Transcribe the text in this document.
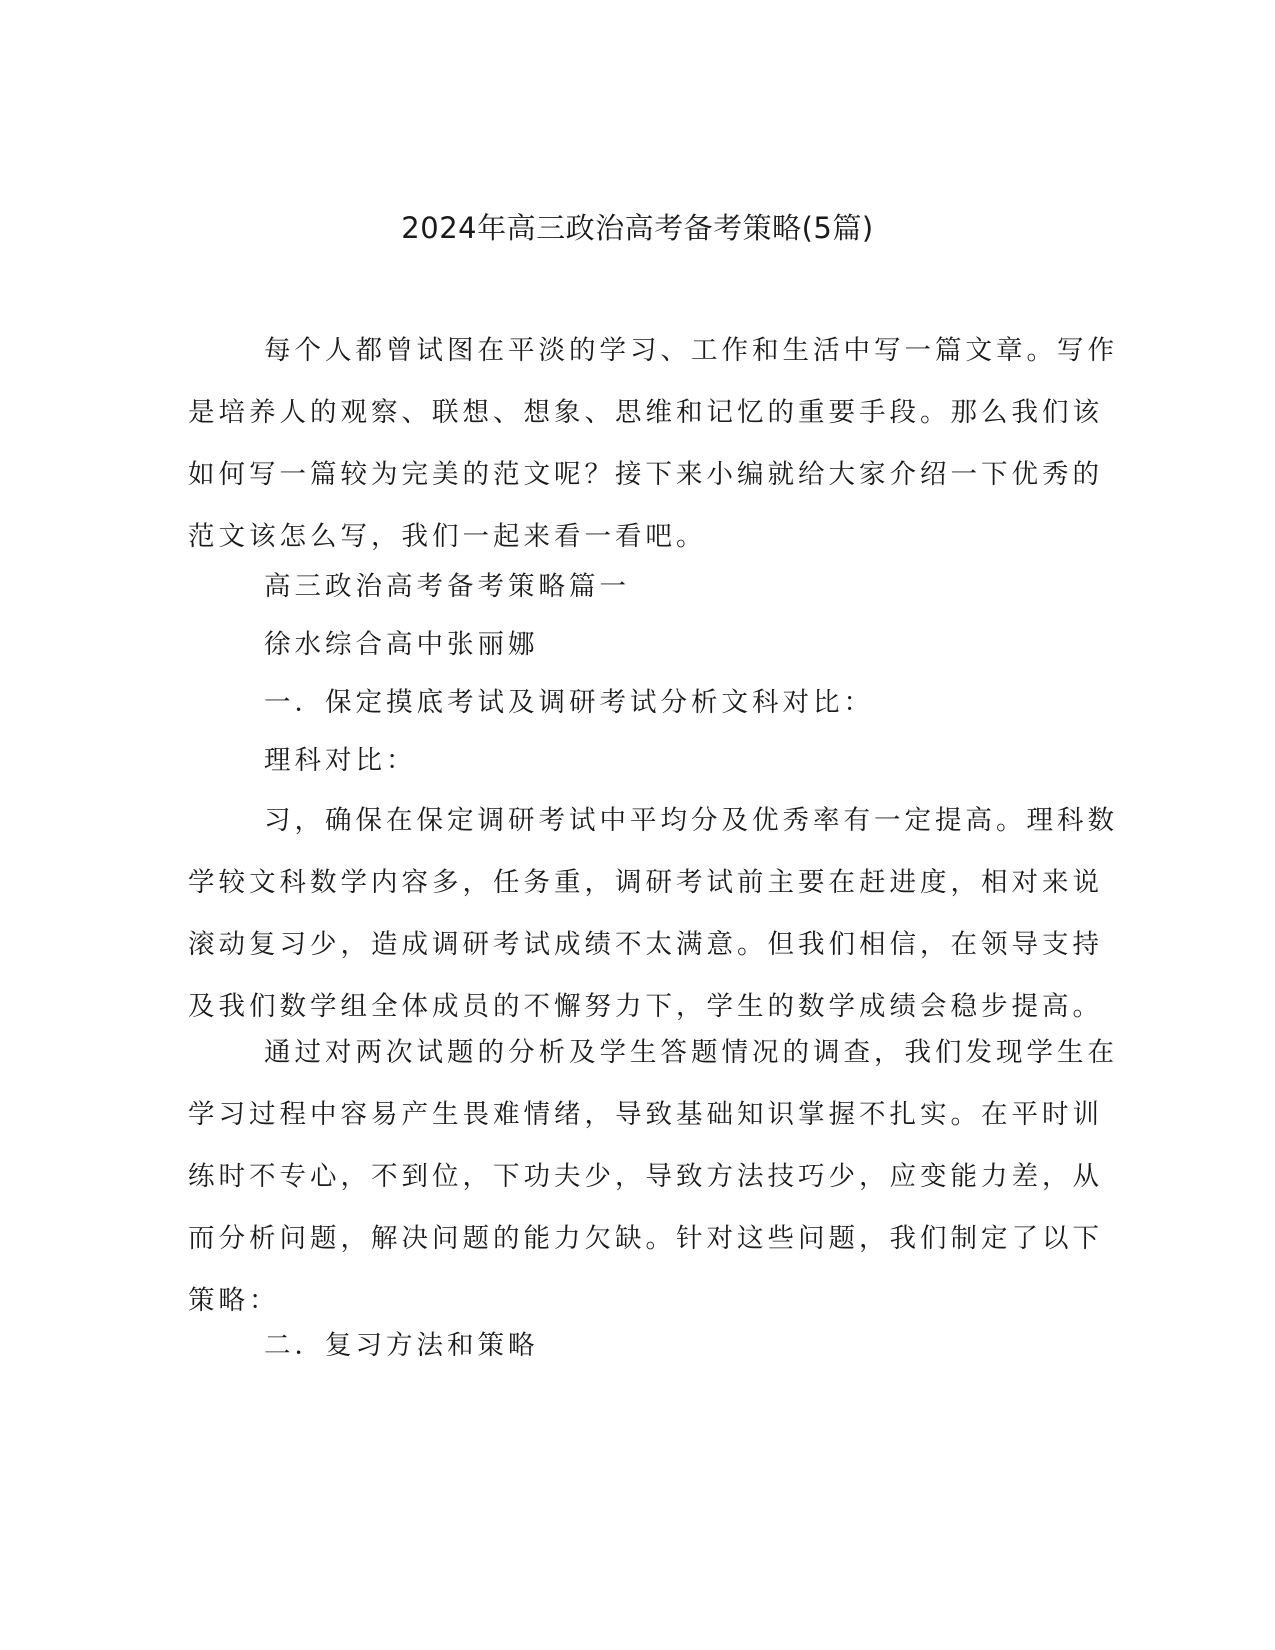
2024年高三政治高考备考策略(5篇)
每个人都曾试图在平淡的学习、工作和生活中写一篇文章。写作
是培养人的观察、联想、想象、思维和记忆的重要手段。那么我们该
如何写一篇较为完美的范文呢？接下来小编就给大家介绍一下优秀的
范文该怎么写，我们一起来看一看吧。
高三政治高考备考策略篇一
徐水综合高中张丽娜
一．保定摸底考试及调研考试分析文科对比：
理科对比：
习，确保在保定调研考试中平均分及优秀率有一定提高。理科数
学较文科数学内容多，任务重，调研考试前主要在赶进度，相对来说
滚动复习少，造成调研考试成绩不太满意。但我们相信，在领导支持
及我们数学组全体成员的不懈努力下，学生的数学成绩会稳步提高。
通过对两次试题的分析及学生答题情况的调查，我们发现学生在
学习过程中容易产生畏难情绪，导致基础知识掌握不扎实。在平时训
练时不专心，不到位，下功夫少，导致方法技巧少，应变能力差，从
而分析问题，解决问题的能力欠缺。针对这些问题，我们制定了以下
策略：
二．复习方法和策略
